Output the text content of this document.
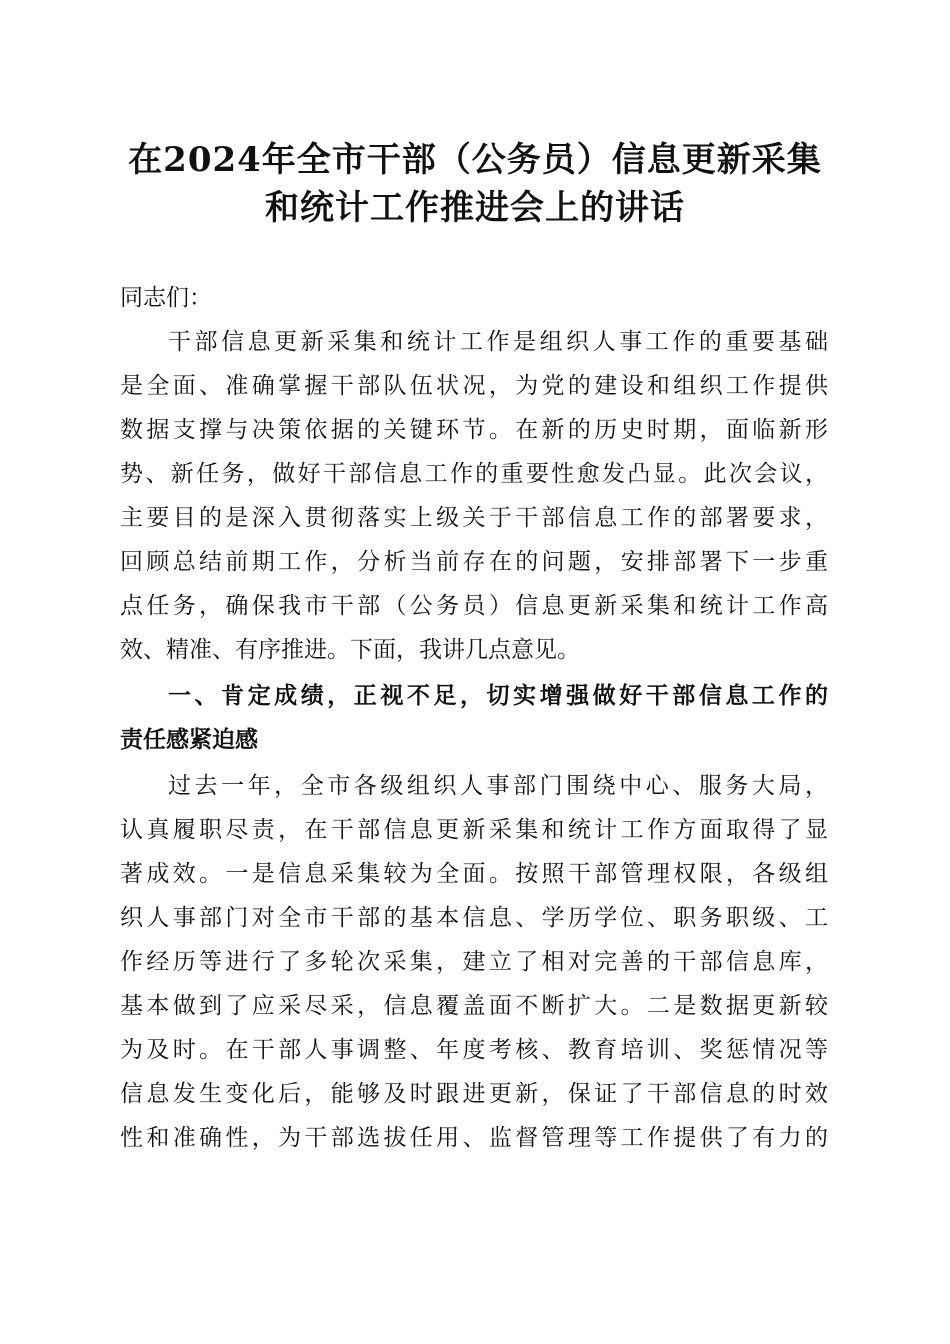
在2024年全市干部（公务员）信息更新采集
和统计工作推进会上的讲话
同志们：
干部信息更新采集和统计工作是组织人事工作的重要基础
是全面、准确掌握干部队伍状况，为党的建设和组织工作提供
数据支撑与决策依据的关键环节。在新的历史时期，面临新形
势、新任务，做好干部信息工作的重要性愈发凸显。此次会议，
主要目的是深入贯彻落实上级关于干部信息工作的部署要求，
回顾总结前期工作，分析当前存在的问题，安排部署下一步重
点任务，确保我市干部（公务员）信息更新采集和统计工作高
效、精准、有序推进。下面，我讲几点意见。
一、肯定成绩，正视不足，切实增强做好干部信息工作的
责任感紧迫感
过去一年，全市各级组织人事部门围绕中心、服务大局，
认真履职尽责，在干部信息更新采集和统计工作方面取得了显
著成效。一是信息采集较为全面。按照干部管理权限，各级组
织人事部门对全市干部的基本信息、学历学位、职务职级、工
作经历等进行了多轮次采集，建立了相对完善的干部信息库，
基本做到了应采尽采，信息覆盖面不断扩大。二是数据更新较
为及时。在干部人事调整、年度考核、教育培训、奖惩情况等
信息发生变化后，能够及时跟进更新，保证了干部信息的时效
性和准确性，为干部选拔任用、监督管理等工作提供了有力的
